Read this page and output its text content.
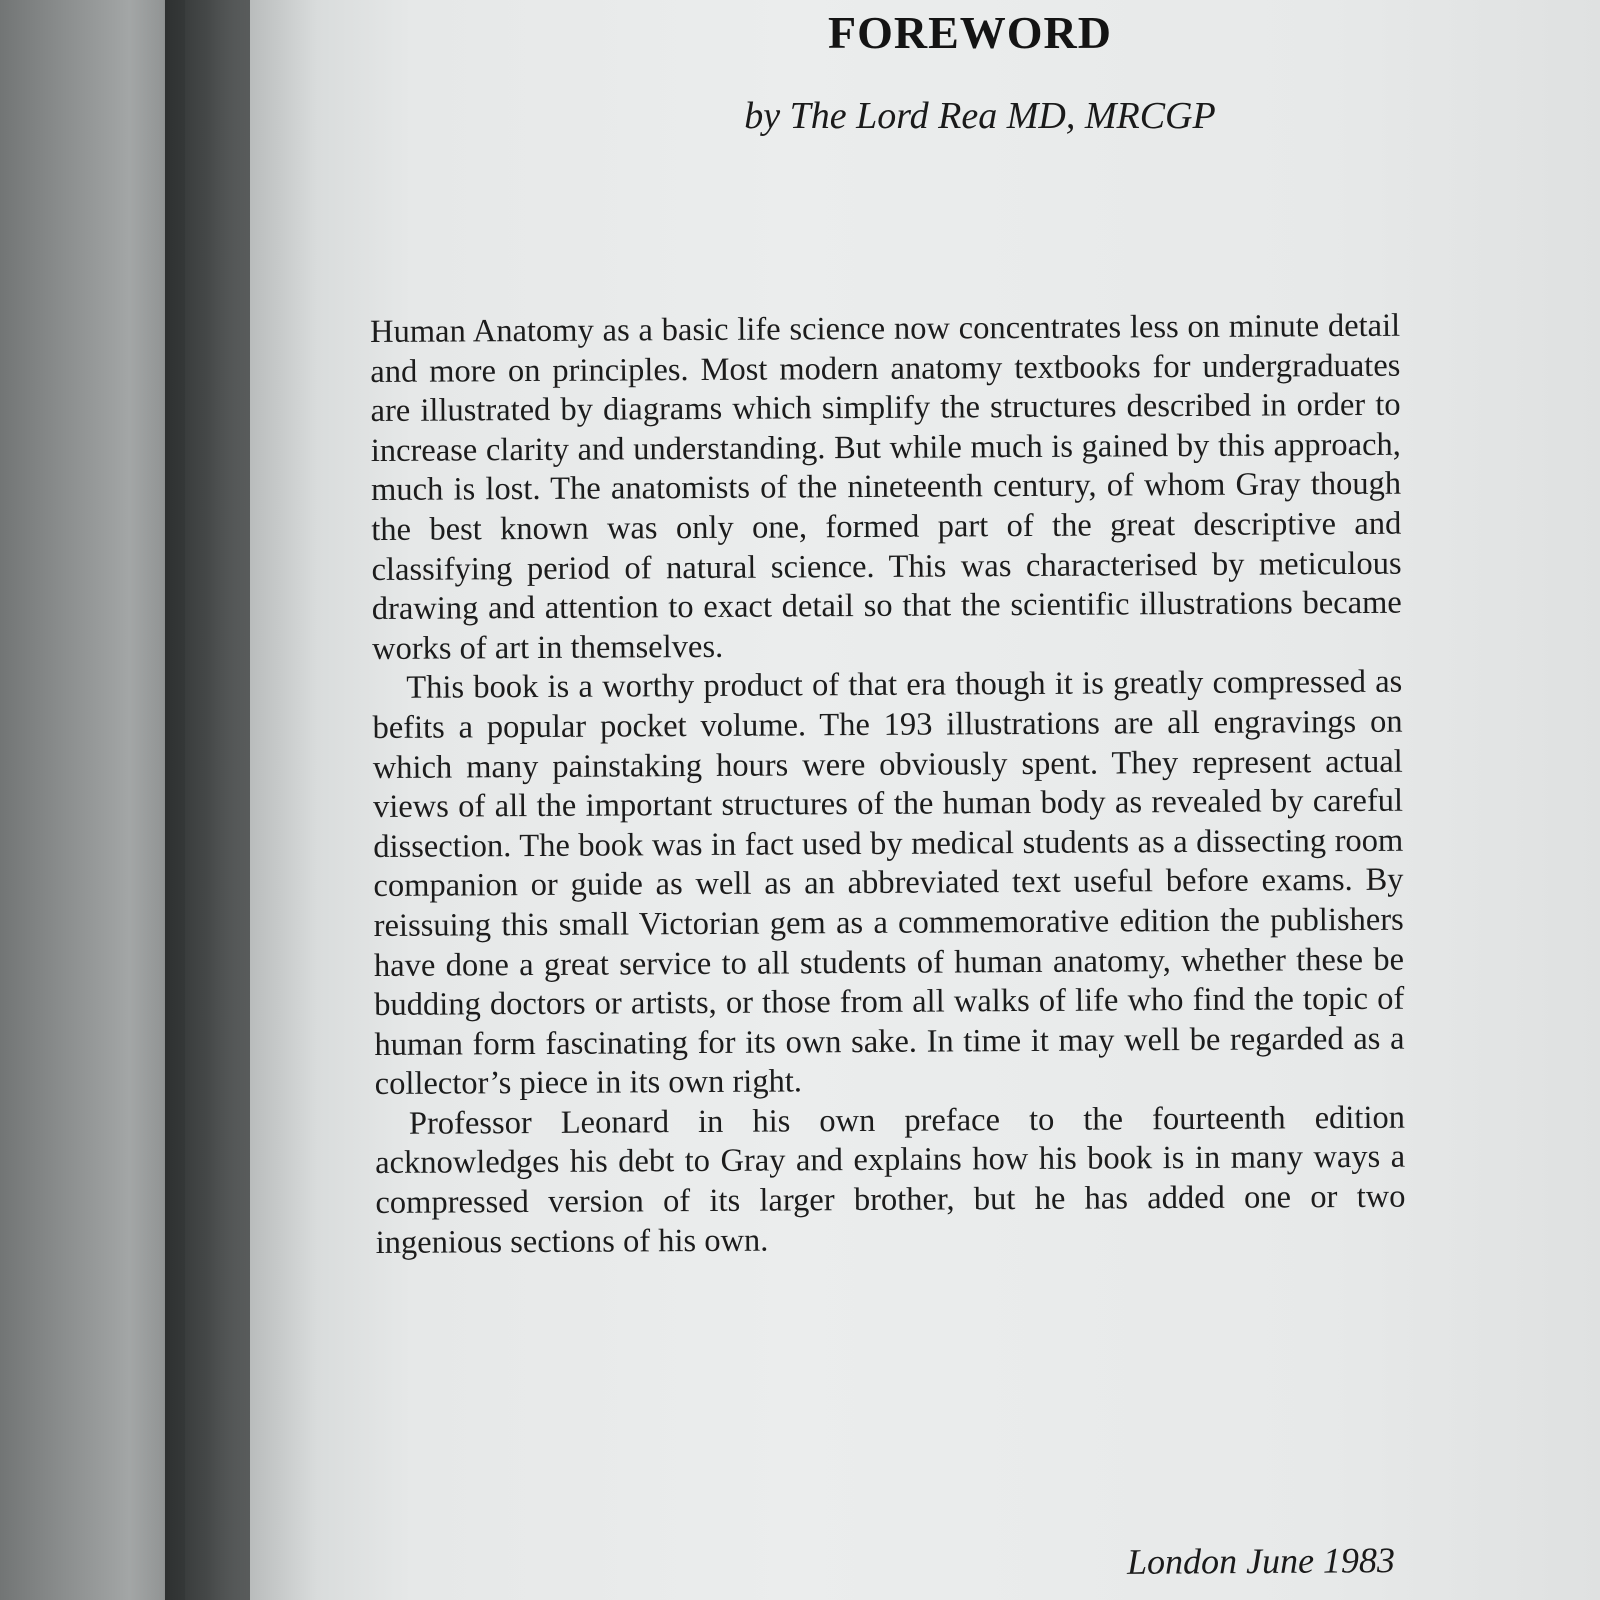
FOREWORD
by The Lord Rea MD, MRCGP

Human Anatomy as a basic life science now concentrates less on minute detail and more on principles. Most modern anatomy textbooks for undergraduates are illustrated by diagrams which simplify the structures described in order to increase clarity and understanding. But while much is gained by this approach, much is lost. The anatomists of the nineteenth century, of whom Gray though the best known was only one, formed part of the great descriptive and classifying period of natural science. This was characterised by meticulous drawing and attention to exact detail so that the scientific illustrations became works of art in themselves.

This book is a worthy product of that era though it is greatly compressed as befits a popular pocket volume. The 193 illustrations are all engravings on which many painstaking hours were obviously spent. They represent actual views of all the important structures of the human body as revealed by careful dissection. The book was in fact used by medical students as a dissecting room companion or guide as well as an abbreviated text useful before exams. By reissuing this small Victorian gem as a commemorative edition the publishers have done a great service to all students of human anatomy, whether these be budding doctors or artists, or those from all walks of life who find the topic of human form fascinating for its own sake. In time it may well be regarded as a collector’s piece in its own right.

Professor Leonard in his own preface to the fourteenth edition acknowledges his debt to Gray and explains how his book is in many ways a compressed version of its larger brother, but he has added one or two ingenious sections of his own.

London June 1983
